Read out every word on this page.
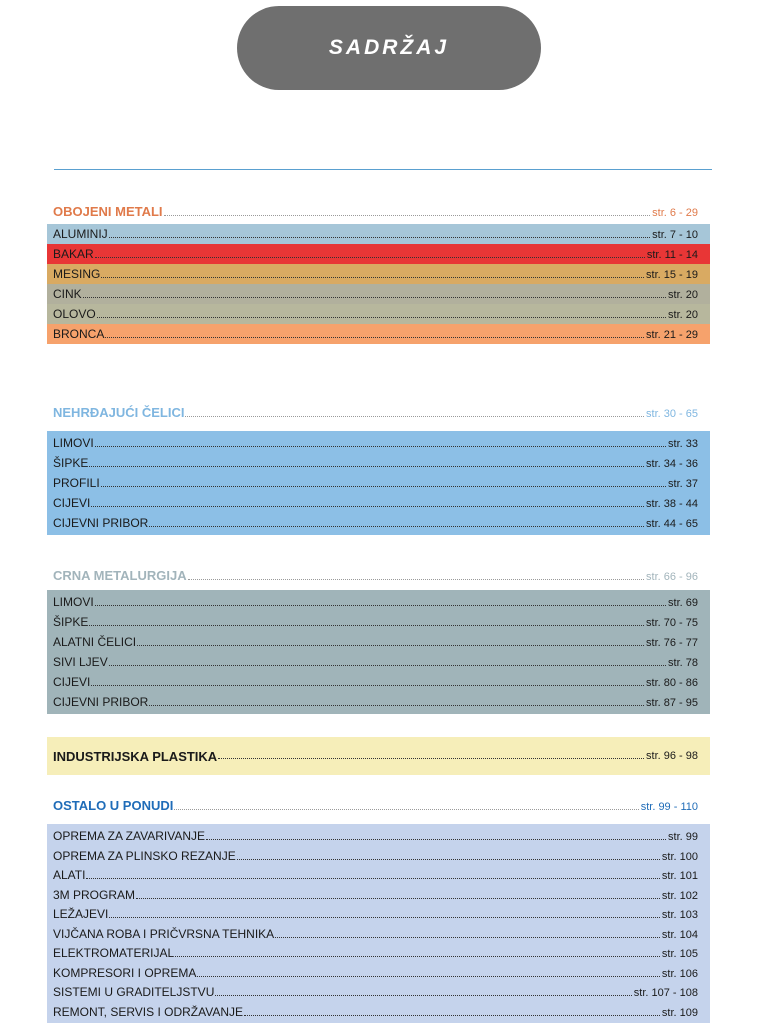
SADRŽAJ
OBOJENI METALI	str. 6 - 29
ALUMINIJ	str. 7 - 10
BAKAR	str. 11 - 14
MESING	str. 15 - 19
CINK	str. 20
OLOVO	str. 20
BRONCA	str. 21 - 29
NEHRĐAJUĆI ČELICI	str. 30 - 65
LIMOVI	str. 33
ŠIPKE	str. 34 - 36
PROFILI	str. 37
CIJEVI	str. 38 - 44
CIJEVNI PRIBOR	str. 44 - 65
CRNA METALURGIJA	str. 66 - 96
LIMOVI	str. 69
ŠIPKE	str. 70 - 75
ALATNI ČELICI	str. 76 - 77
SIVI LJEV	str. 78
CIJEVI	str. 80 - 86
CIJEVNI PRIBOR	str. 87 - 95
INDUSTRIJSKA PLASTIKA	str. 96 - 98
OSTALO U PONUDI	str. 99 - 110
OPREMA ZA ZAVARIVANJE	str. 99
OPREMA ZA PLINSKO REZANJE	str. 100
ALATI	str. 101
3M PROGRAM	str. 102
LEŽAJEVI	str. 103
VIJČANA ROBA I PRIČVRSNA TEHNIKA	str. 104
ELEKTROMATERIJAL	str. 105
KOMPRESORI I OPREMA	str. 106
SISTEMI U GRADITELJSTVU	str. 107 - 108
REMONT, SERVIS I ODRŽAVANJE	str. 109
